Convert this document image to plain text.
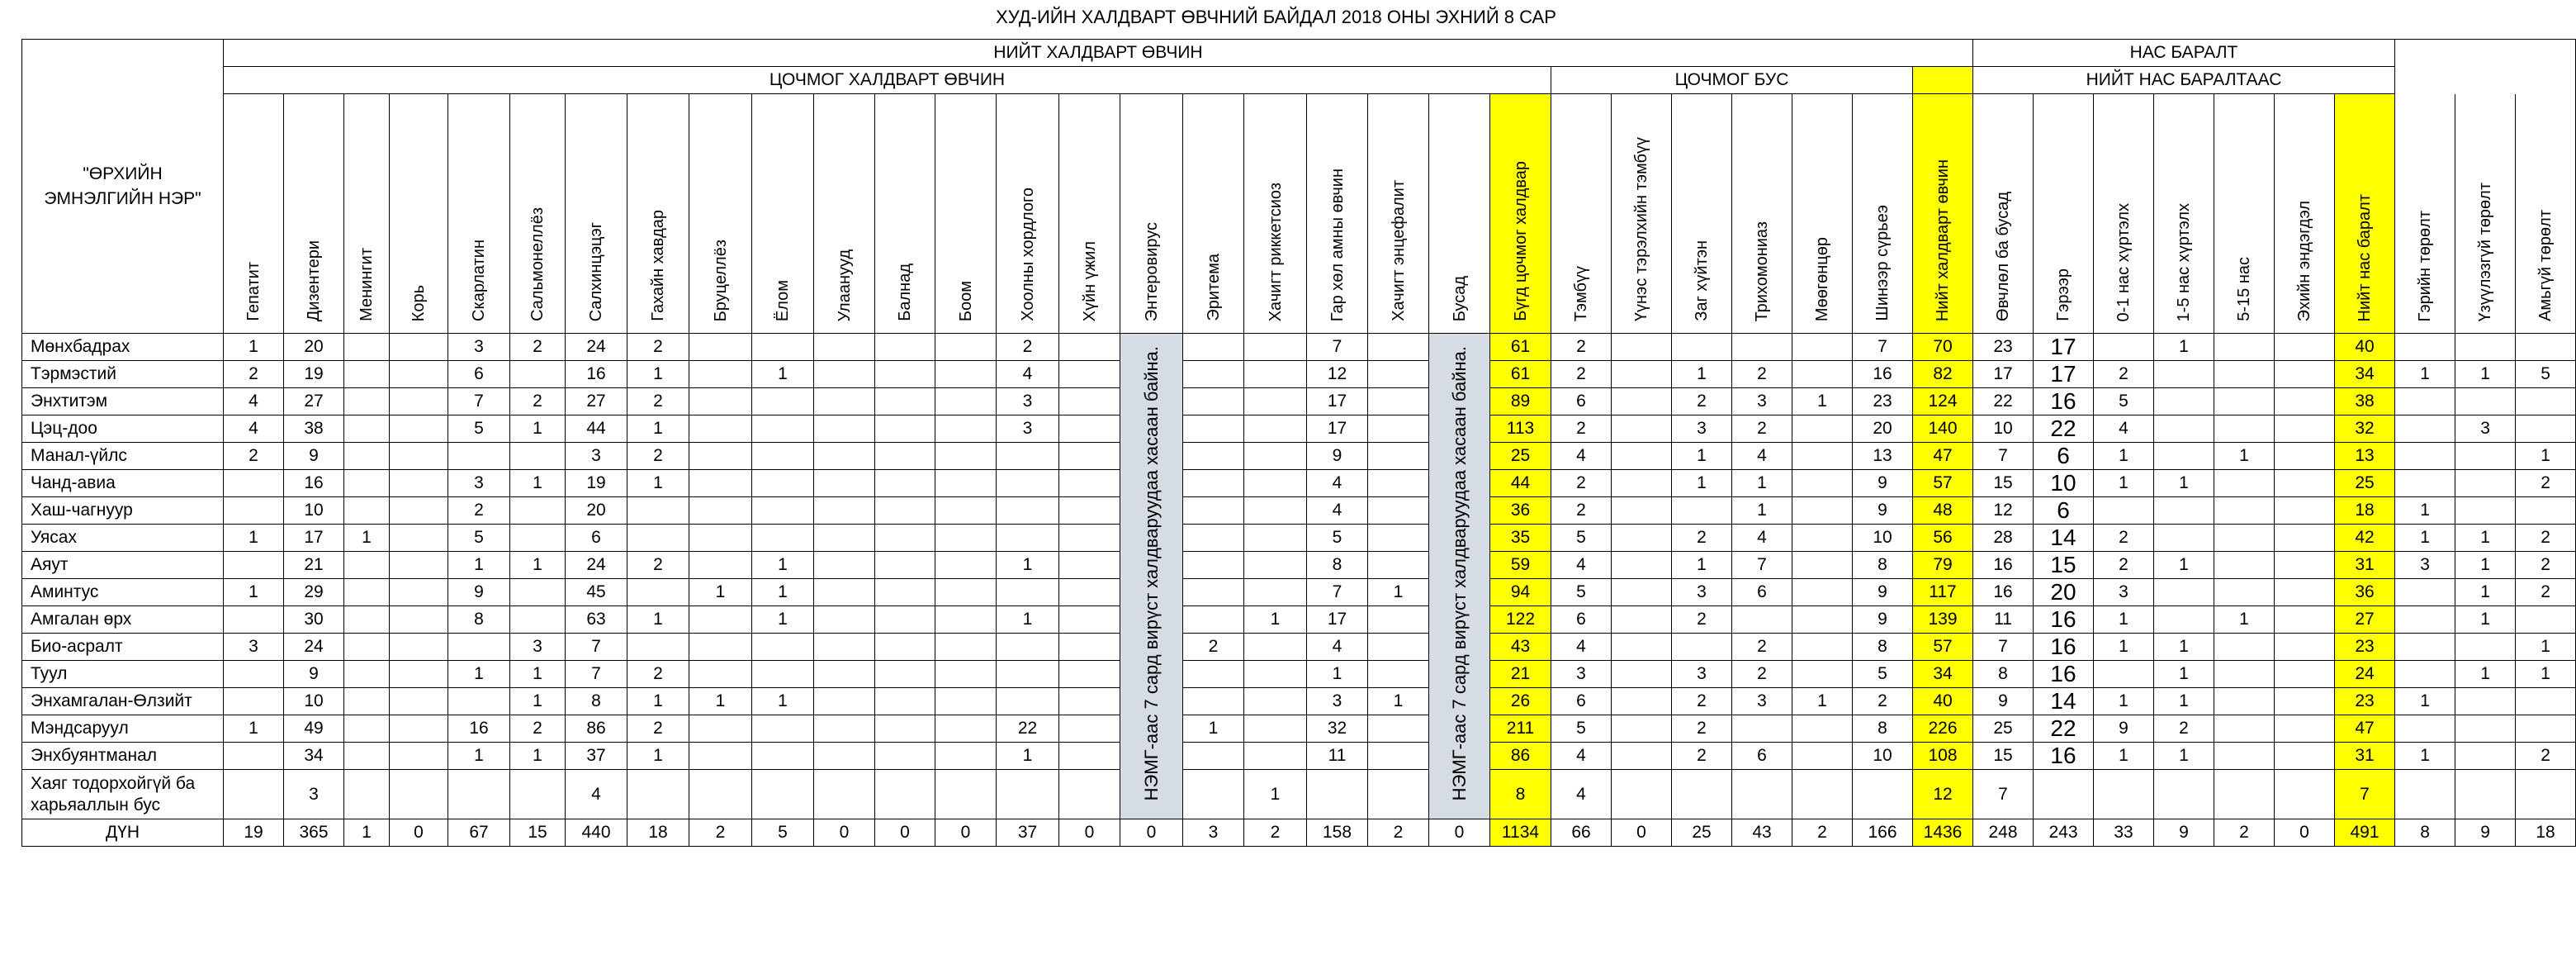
ХУД-ИЙН ХАЛДВАРТ ӨВЧНИЙ БАЙДАЛ 2018 ОНЫ ЭХНИЙ 8 САР
"ӨРХИЙН
ЭМНЭЛГИЙН НЭР"	НИЙТ ХАЛДВАРТ ӨВЧИН																													НАС БАРАЛТ									
	ЦОЧМОГ ХАЛДВАРТ ӨВЧИН																						ЦОЧМОГ БУС							НИЙТ НАС БАРАЛТААС									
	Гепатит	Дизентери	Менингит	Корь	Скарлатин	Сальмонеллёз	Салхинцэцэг	Гахайн хавдар	Бруцеллёз	Ёлом	Улаанууд	Балнад	Боом	Хоолны хордлого	Хүйн үжил	Энтеровирус	Эритема	Хачигт риккетсиоз	Гар хөл амны өвчин	Хачигт энцефалит	Бусад	Бүгд цочмог халдвар	Тэмбүү	Үүнэс тэрэлхийн тэмбүү	Заг хүйтэн	Трихомониаз	Мөөгөнцөр	Шинээр сүрьеэ	Нийт халдварт өвчин	Өвчлөл ба бусад	Гэрээр	0-1 нас хүртэлх	1-5 нас хүртэлх	5-15 нас	Эхийн эндэгдэл	Нийт нас баралт	Гэрийн төрөлт	Үзүүлэзгүй төрөлт	Амьгүй төрөлт
Мөнхбадрах	1	20			3	2	24	2						2		НЭМГ-аас 7 сард вирүст халдваруудаа хасаан байна.			7		НЭМГ-аас 7 сард вирүст халдваруудаа хасаан байна.	61	2					7	70	23	17		1			40			
Тэрмэстий	2	19			6		16	1		1				4					12			61	2		1	2		16	82	17	17	2				34	1	1	5
Энхтитэм	4	27			7	2	27	2						3					17			89	6		2	3	1	23	124	22	16	5				38			
Цэц-доо	4	38			5	1	44	1						3					17			113	2		3	2		20	140	10	22	4				32		3	
Манал-үйлс	2	9					3	2											9			25	4		1	4		13	47	7	6	1		1		13			1
Чанд-авиа		16			3	1	19	1											4			44	2		1	1		9	57	15	10	1	1			25			2
Хаш-чагнуур		10			2		20												4			36	2			1		9	48	12	6					18	1		
Уясах	1	17	1		5		6												5			35	5		2	4		10	56	28	14	2				42	1	1	2
Аяут		21			1	1	24	2		1				1					8			59	4		1	7		8	79	16	15	2	1			31	3	1	2
Аминтус	1	29			9		45		1	1									7	1		94	5		3	6		9	117	16	20	3				36		1	2
Амгалан өрх		30			8		63	1		1				1				1	17			122	6		2			9	139	11	16	1		1		27		1	
Био-асралт	3	24				3	7										2		4			43	4			2		8	57	7	16	1	1			23			1
Туул		9			1	1	7	2											1			21	3		3	2		5	34	8	16		1			24		1	1
Энхамгалан-Өлзийт		10				1	8	1	1	1									3	1		26	6		2	3	1	2	40	9	14	1	1			23	1		
Мэндсаруул	1	49			16	2	86	2						22			1		32			211	5		2			8	226	25	22	9	2			47			
Энхбуянтманал		34			1	1	37	1						1					11			86	4		2	6		10	108	15	16	1	1			31	1		2

Хаяг тодорхойгүй ба
харьяаллын бус		3					4											1				8	4						12	7						7			
ДҮН	19	365	1	0	67	15	440	18	2	5	0	0	0	37	0	0	3	2	158	2	0	1134	66	0	25	43	2	166	1436	248	243	33	9	2	0	491	8	9	18
